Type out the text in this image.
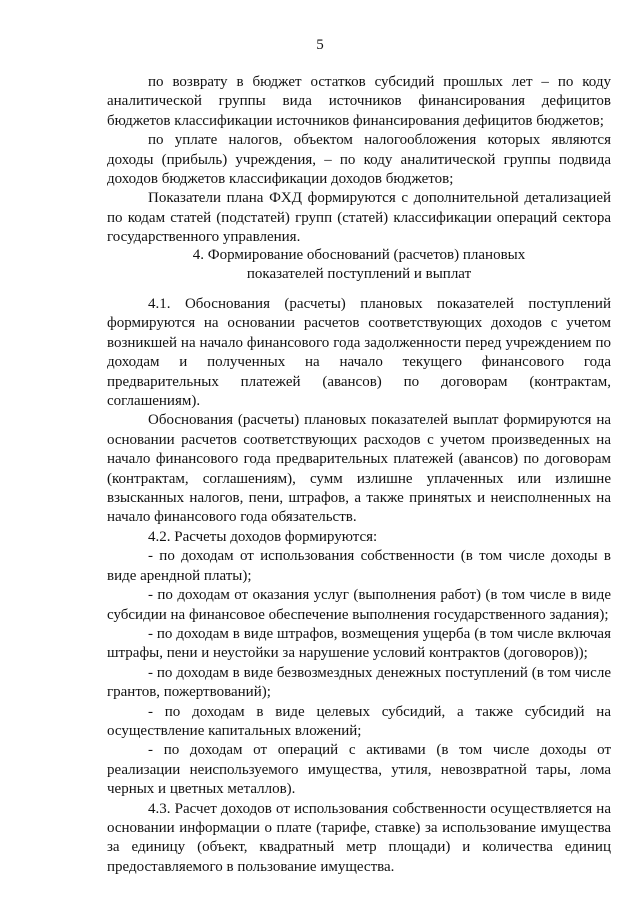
5

по возврату в бюджет остатков субсидий прошлых лет – по коду аналитической группы вида источников финансирования дефицитов бюджетов классификации источников финансирования дефицитов бюджетов;

по уплате налогов, объектом налогообложения которых являются доходы (прибыль) учреждения, – по коду аналитической группы подвида доходов бюджетов классификации доходов бюджетов;

Показатели плана ФХД формируются с дополнительной детализацией по кодам статей (подстатей) групп (статей) классификации операций сектора государственного управления.

4. Формирование обоснований (расчетов) плановых
показателей поступлений и выплат

4.1. Обоснования (расчеты) плановых показателей поступлений формируются на основании расчетов соответствующих доходов с учетом возникшей на начало финансового года задолженности перед учреждением по доходам и полученных на начало текущего финансового года предварительных платежей (авансов) по договорам (контрактам, соглашениям).

Обоснования (расчеты) плановых показателей выплат формируются на основании расчетов соответствующих расходов с учетом произведенных на начало финансового года предварительных платежей (авансов) по договорам (контрактам, соглашениям), сумм излишне уплаченных или излишне взысканных налогов, пени, штрафов, а также принятых и неисполненных на начало финансового года обязательств.

4.2. Расчеты доходов формируются:

- по доходам от использования собственности (в том числе доходы в виде арендной платы);

- по доходам от оказания услуг (выполнения работ) (в том числе в виде субсидии на финансовое обеспечение выполнения государственного задания);

- по доходам в виде штрафов, возмещения ущерба (в том числе включая штрафы, пени и неустойки за нарушение условий контрактов (договоров));

- по доходам в виде безвозмездных денежных поступлений (в том числе грантов, пожертвований);

- по доходам в виде целевых субсидий, а также субсидий на осуществление капитальных вложений;

- по доходам от операций с активами (в том числе доходы от реализации неиспользуемого имущества, утиля, невозвратной тары, лома черных и цветных металлов).

4.3. Расчет доходов от использования собственности осуществляется на основании информации о плате (тарифе, ставке) за использование имущества за единицу (объект, квадратный метр площади) и количества единиц предоставляемого в пользование имущества.
